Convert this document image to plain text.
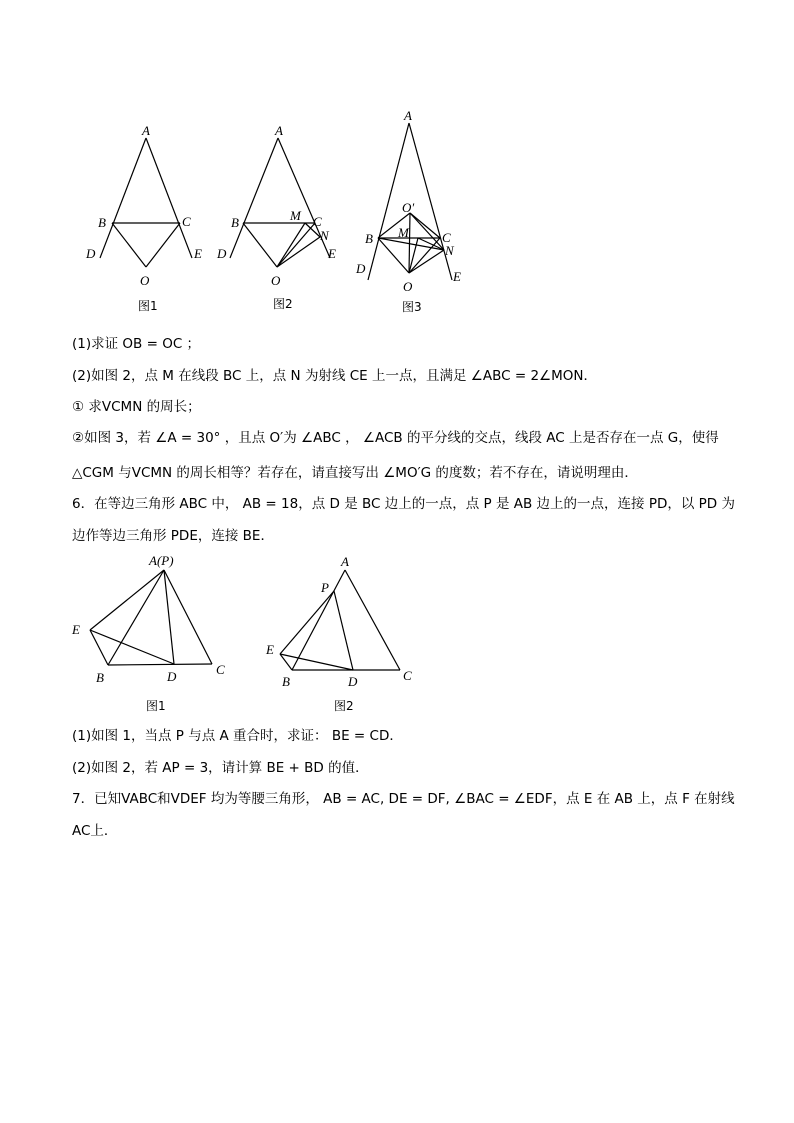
A
B	C
D	E
O
图1
A
B	C
M
N
D	E
O
图2
A
O′
B M	C
N
D
E
O
图3
(1)求证 OB = OC ；
(2)如图 2，点 M 在线段 BC 上，点 N 为射线 CE 上一点，且满足 ∠ABC = 2∠MON．
① 求VCMN 的周长；
②如图 3，若 ∠A = 30° ，且点 O′为 ∠ABC ， ∠ACB 的平分线的交点，线段 AC 上是否存在一点 G，使得
△CGM 与VCMN 的周长相等？若存在，请直接写出 ∠MO′G 的度数；若不存在，请说明理由．
6．在等边三角形 ABC 中， AB = 18，点 D 是 BC 边上的一点，点 P 是 AB 边上的一点，连接 PD，以 PD 为
边作等边三角形 PDE，连接 BE．
A(P)
E
B	D	C
图1
A
P
E
B	D	C
图2
(1)如图 1，当点 P 与点 A 重合时，求证： BE = CD．
(2)如图 2，若 AP = 3，请计算 BE + BD 的值．
7．已知VABC和VDEF 均为等腰三角形， AB = AC, DE = DF, ∠BAC = ∠EDF，点 E 在 AB 上，点 F 在射线
AC上．
